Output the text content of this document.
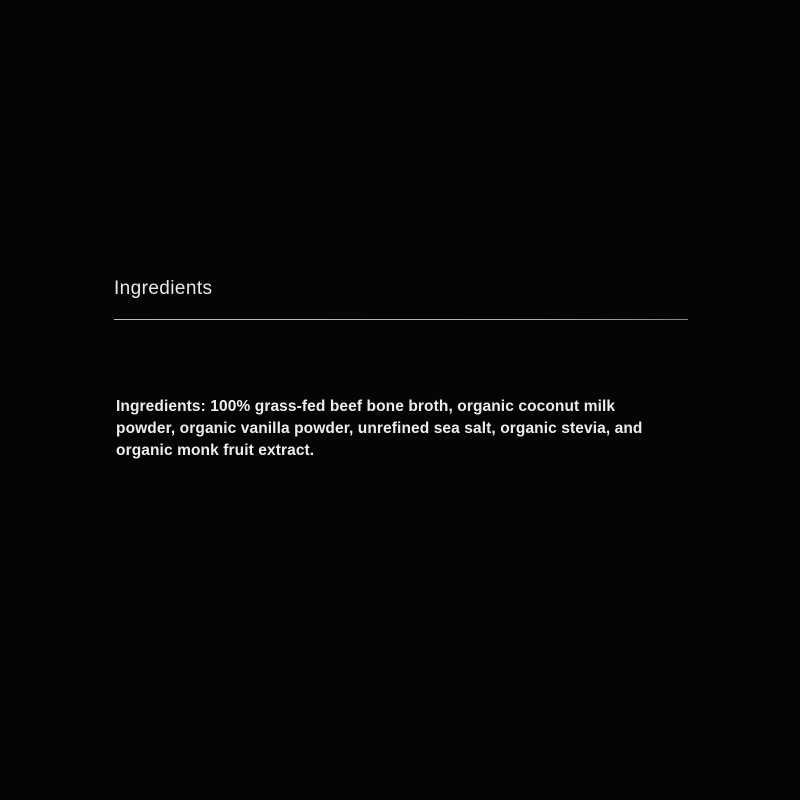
Ingredients

Ingredients: 100% grass-fed beef bone broth, organic coconut milk powder, organic vanilla powder, unrefined sea salt, organic stevia, and organic monk fruit extract.
